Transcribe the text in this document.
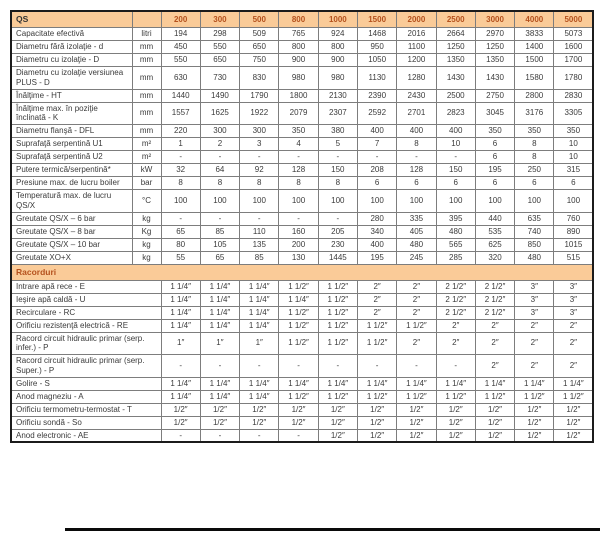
QS		200	300	500	800	1000	1500	2000	2500	3000	4000	5000
Capacitate efectivă	litri	194	298	509	765	924	1468	2016	2664	2970	3833	5073
Diametru fără izolaţie - d	mm	450	550	650	800	800	950	1100	1250	1250	1400	1600
Diametru cu izolaţie - D	mm	550	650	750	900	900	1050	1200	1350	1350	1500	1700
Diametru cu izolaţie versiunea PLUS - D	mm	630	730	830	980	980	1130	1280	1430	1430	1580	1780
Înălţime - HT	mm	1440	1490	1790	1800	2130	2390	2430	2500	2750	2800	2830
Înălţime max. în poziţie înclinată - K	mm	1557	1625	1922	2079	2307	2592	2701	2823	3045	3176	3305
Diametru flanşă - DFL	mm	220	300	300	350	380	400	400	400	350	350	350
Suprafaţă serpentină U1	m²	1	2	3	4	5	7	8	10	6	8	10
Suprafaţă serpentină U2	m²	-	-	-	-	-	-	-	-	6	8	10
Putere termică/serpentină*	kW	32	64	92	128	150	208	128	150	195	250	315
Presiune max. de lucru boiler	bar	8	8	8	8	8	6	6	6	6	6	6
Temperatură max. de lucru QS/X	°C	100	100	100	100	100	100	100	100	100	100	100
Greutate QS/X – 6 bar	kg	-	-	-	-	-	280	335	395	440	635	760
Greutate QS/X – 8 bar	Kg	65	85	110	160	205	340	405	480	535	740	890
Greutate QS/X – 10 bar	kg	80	105	135	200	230	400	480	565	625	850	1015
Greutate XO+X	kg	55	65	85	130	1445	195	245	285	320	480	515
Racorduri												
Intrare apă rece - E		1 1/4″	1 1/4″	1 1/4″	1 1/2″	1 1/2″	2″	2″	2 1/2″	2 1/2″	3″	3″
Ieşire apă caldă - U		1 1/4″	1 1/4″	1 1/4″	1 1/4″	1 1/2″	2″	2″	2 1/2″	2 1/2″	3″	3″
Recirculare - RC		1 1/4″	1 1/4″	1 1/4″	1 1/2″	1 1/2″	2″	2″	2 1/2″	2 1/2″	3″	3″
Orificiu rezistenţă electrică - RE		1 1/4″	1 1/4″	1 1/4″	1 1/2″	1 1/2″	1 1/2″	1 1/2″	2″	2″	2″	2″
Racord circuit hidraulic primar (serp. infer.) - P		1″	1″	1″	1 1/2″	1 1/2″	1 1/2″	2″	2″	2″	2″	2″
Racord circuit hidraulic primar (serp. Super.) - P		-	-	-	-	-	-	-	-	2″	2″	2″
Golire - S		1 1/4″	1 1/4″	1 1/4″	1 1/4″	1 1/4″	1 1/4″	1 1/4″	1 1/4″	1 1/4″	1 1/4″	1 1/4″
Anod magneziu - A		1 1/4″	1 1/4″	1 1/4″	1 1/2″	1 1/2″	1 1/2″	1 1/2″	1 1/2″	1 1/2″	1 1/2″	1 1/2″
Orificiu termometru-termostat - T		1/2″	1/2″	1/2″	1/2″	1/2″	1/2″	1/2″	1/2″	1/2″	1/2″	1/2″
Orificiu sondă - So		1/2″	1/2″	1/2″	1/2″	1/2″	1/2″	1/2″	1/2″	1/2″	1/2″	1/2″
Anod electronic - AE		-	-	-	-	1/2″	1/2″	1/2″	1/2″	1/2″	1/2″	1/2″
